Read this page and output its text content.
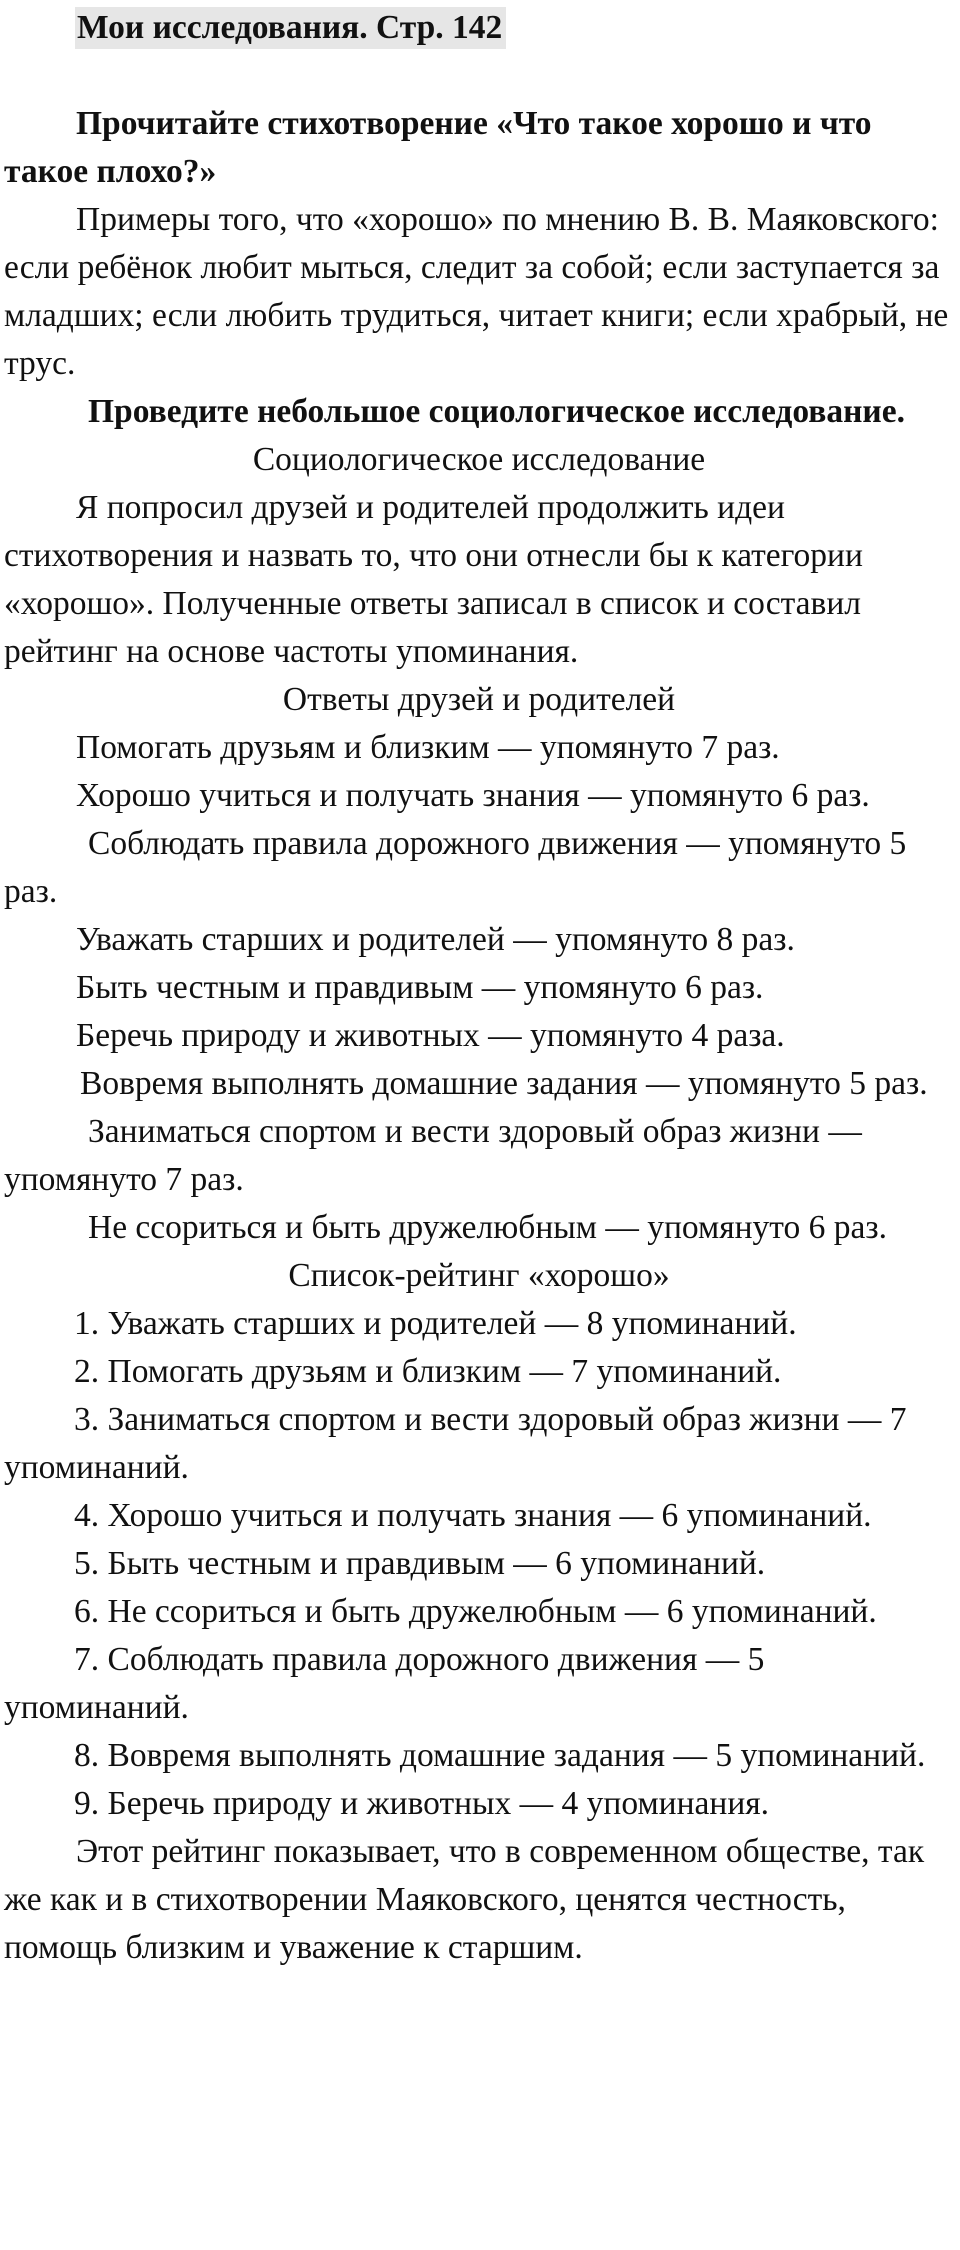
Мои исследования. Стр. 142

Прочитайте стихотворение «Что такое хорошо и что такое плохо?»

Примеры того, что «хорошо» по мнению В. В. Маяковского: если ребёнок любит мыться, следит за собой; если заступается за младших; если любить трудиться, читает книги; если храбрый, не трус.

Проведите небольшое социологическое исследование.

Социологическое исследование

Я попросил друзей и родителей продолжить идеи стихотворения и назвать то, что они отнесли бы к категории «хорошо». Полученные ответы записал в список и составил рейтинг на основе частоты упоминания.

Ответы друзей и родителей

Помогать друзьям и близким — упомянуто 7 раз.

Хорошо учиться и получать знания — упомянуто 6 раз.

Соблюдать правила дорожного движения — упомянуто 5 раз.

Уважать старших и родителей — упомянуто 8 раз.

Быть честным и правдивым — упомянуто 6 раз.

Беречь природу и животных — упомянуто 4 раза.

Вовремя выполнять домашние задания — упомянуто 5 раз.

Заниматься спортом и вести здоровый образ жизни — упомянуто 7 раз.

Не ссориться и быть дружелюбным — упомянуто 6 раз.

Список-рейтинг «хорошо»

1. Уважать старших и родителей — 8 упоминаний.

2. Помогать друзьям и близким — 7 упоминаний.

3. Заниматься спортом и вести здоровый образ жизни — 7 упоминаний.

4. Хорошо учиться и получать знания — 6 упоминаний.

5. Быть честным и правдивым — 6 упоминаний.

6. Не ссориться и быть дружелюбным — 6 упоминаний.

7. Соблюдать правила дорожного движения — 5 упоминаний.

8. Вовремя выполнять домашние задания — 5 упоминаний.

9. Беречь природу и животных — 4 упоминания.

Этот рейтинг показывает, что в современном обществе, так же как и в стихотворении Маяковского, ценятся честность, помощь близким и уважение к старшим.
